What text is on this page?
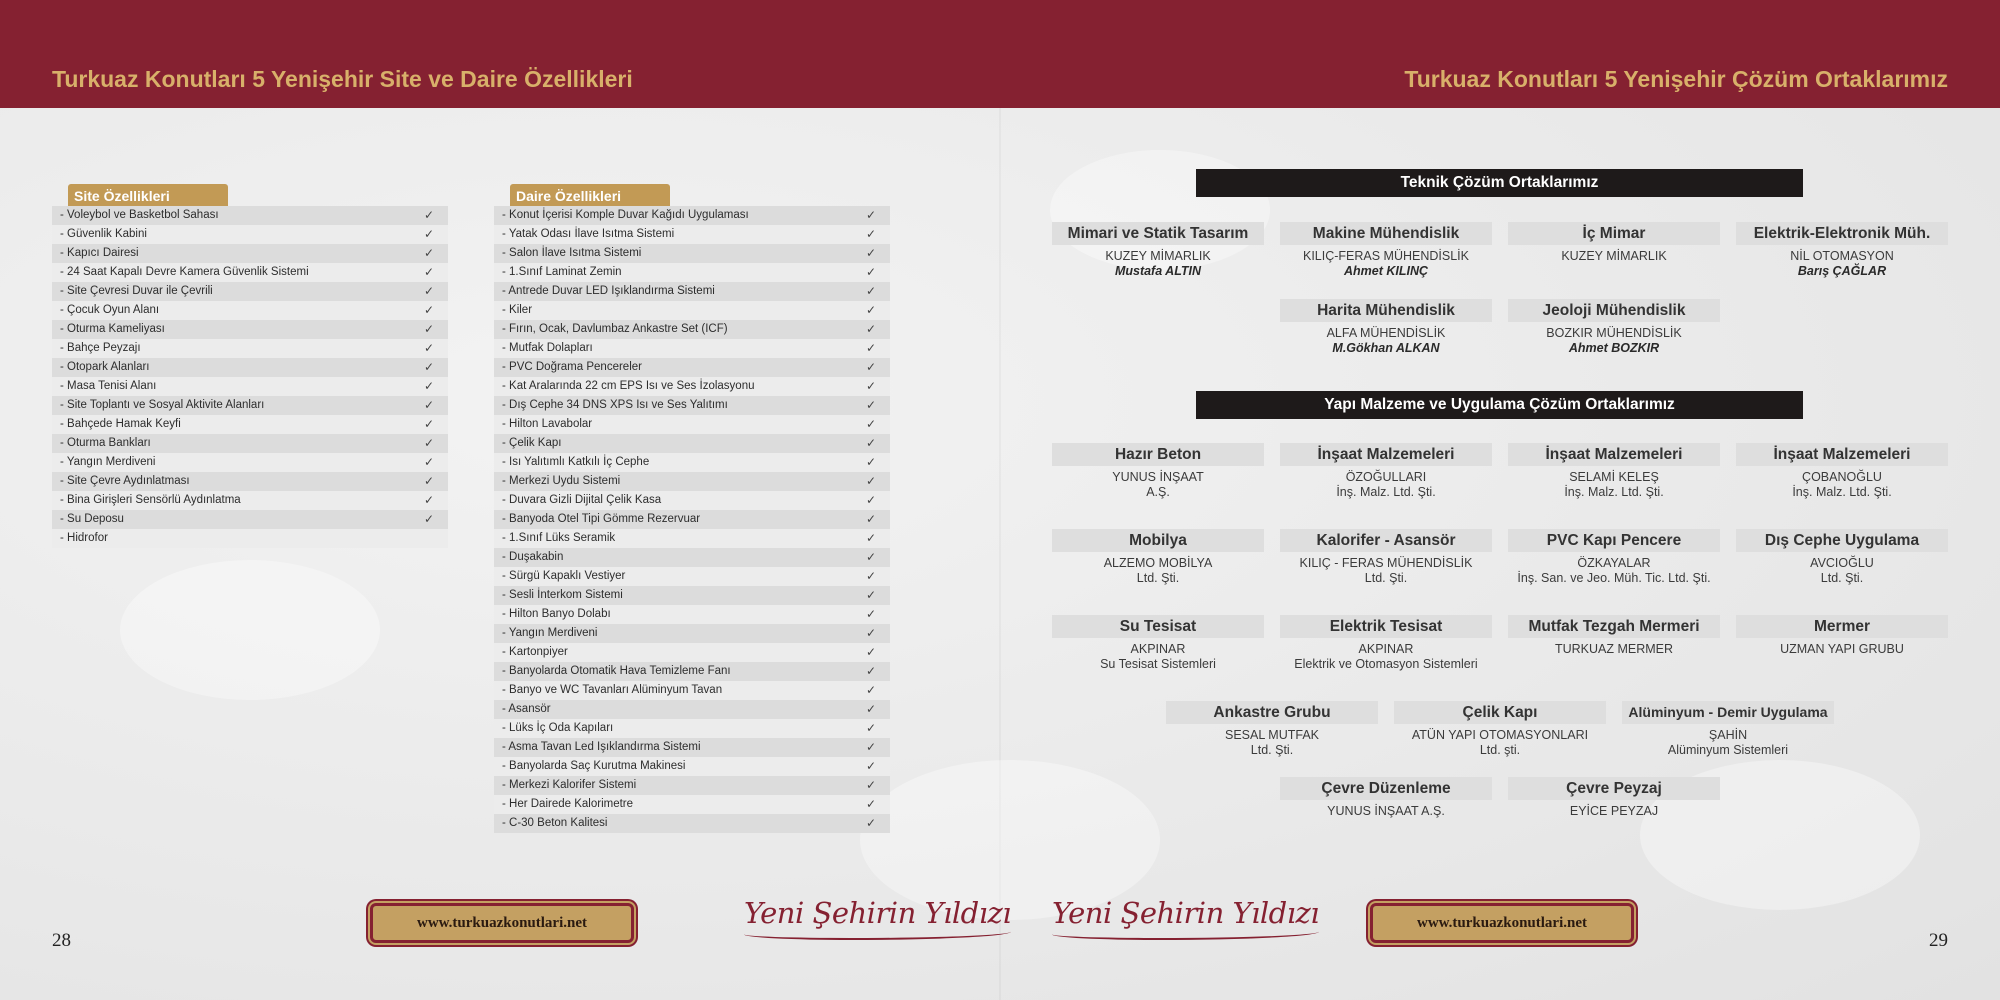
Turkuaz Konutları 5 Yenişehir Site ve Daire Özellikleri	Turkuaz Konutları 5 Yenişehir Çözüm Ortaklarımız
Site Özellikleri
- Voleybol ve Basketbol Sahası	✓
- Güvenlik Kabini	✓
- Kapıcı Dairesi	✓
- 24 Saat Kapalı Devre Kamera Güvenlik Sistemi	✓
- Site Çevresi Duvar ile Çevrili	✓
- Çocuk Oyun Alanı	✓
- Oturma Kameliyası	✓
- Bahçe Peyzajı	✓
- Otopark Alanları	✓
- Masa Tenisi Alanı	✓
- Site Toplantı ve Sosyal Aktivite Alanları	✓
- Bahçede Hamak Keyfi	✓
- Oturma Bankları	✓
- Yangın Merdiveni	✓
- Site Çevre Aydınlatması	✓
- Bina Girişleri Sensörlü Aydınlatma	✓
- Su Deposu	✓
- Hidrofor
Daire Özellikleri
- Konut İçerisi Komple Duvar Kağıdı Uygulaması	✓
- Yatak Odası İlave Isıtma Sistemi	✓
- Salon İlave Isıtma Sistemi	✓
- 1.Sınıf Laminat Zemin	✓
- Antrede Duvar LED Işıklandırma Sistemi	✓
- Kiler	✓
- Fırın, Ocak, Davlumbaz Ankastre Set (ICF)	✓
- Mutfak Dolapları	✓
- PVC Doğrama Pencereler	✓
- Kat Aralarında 22 cm EPS Isı ve Ses İzolasyonu	✓
- Dış Cephe 34 DNS XPS Isı ve Ses Yalıtımı	✓
- Hilton Lavabolar	✓
- Çelik Kapı	✓
- Isı Yalıtımlı Katkılı İç Cephe	✓
- Merkezi Uydu Sistemi	✓
- Duvara Gizli Dijital Çelik Kasa	✓
- Banyoda Otel Tipi Gömme Rezervuar	✓
- 1.Sınıf Lüks Seramik	✓
- Duşakabin	✓
- Sürgü Kapaklı Vestiyer	✓
- Sesli İnterkom Sistemi	✓
- Hilton Banyo Dolabı	✓
- Yangın Merdiveni	✓
- Kartonpiyer	✓
- Banyolarda Otomatik Hava Temizleme Fanı	✓
- Banyo ve WC Tavanları Alüminyum Tavan	✓
- Asansör	✓
- Lüks İç Oda Kapıları	✓
- Asma Tavan Led Işıklandırma Sistemi	✓
- Banyolarda Saç Kurutma Makinesi	✓
- Merkezi Kalorifer Sistemi	✓
- Her Dairede Kalorimetre	✓
- C-30 Beton Kalitesi	✓
Teknik Çözüm Ortaklarımız
Mimari ve Statik Tasarım
KUZEY MİMARLIK
Mustafa ALTIN
Makine Mühendislik
KILIÇ-FERAS MÜHENDİSLİK
Ahmet KILINÇ
İç Mimar
KUZEY MİMARLIK
Elektrik-Elektronik Müh.
NİL OTOMASYON
Barış ÇAĞLAR
Harita Mühendislik
ALFA MÜHENDİSLİK
M.Gökhan ALKAN
Jeoloji Mühendislik
BOZKIR MÜHENDİSLİK
Ahmet BOZKIR
Yapı Malzeme ve Uygulama Çözüm Ortaklarımız
Hazır Beton
YUNUS İNŞAAT
A.Ş.
İnşaat Malzemeleri
ÖZOĞULLARI
İnş. Malz. Ltd. Şti.
İnşaat Malzemeleri
SELAMİ KELEŞ
İnş. Malz. Ltd. Şti.
İnşaat Malzemeleri
ÇOBANOĞLU
İnş. Malz. Ltd. Şti.
Mobilya
ALZEMO MOBİLYA
Ltd. Şti.
Kalorifer - Asansör
KILIÇ - FERAS MÜHENDİSLİK
Ltd. Şti.
PVC Kapı Pencere
ÖZKAYALAR
İnş. San. ve Jeo. Müh. Tic. Ltd. Şti.
Dış Cephe Uygulama
AVCIOĞLU
Ltd. Şti.
Su Tesisat
AKPINAR
Su Tesisat Sistemleri
Elektrik Tesisat
AKPINAR
Elektrik ve Otomasyon Sistemleri
Mutfak Tezgah Mermeri
TURKUAZ MERMER
Mermer
UZMAN YAPI GRUBU
Ankastre Grubu
SESAL MUTFAK
Ltd. Şti.
Çelik Kapı
ATÜN YAPI OTOMASYONLARI
Ltd. şti.
Alüminyum - Demir Uygulama
ŞAHİN
Alüminyum Sistemleri
Çevre Düzenleme
YUNUS İNŞAAT A.Ş.
Çevre Peyzaj
EYİCE PEYZAJ
www.turkuazkonutlari.net	Yeni Şehirin Yıldızı Yeni Şehirin Yıldızı	www.turkuazkonutlari.net
28	29
